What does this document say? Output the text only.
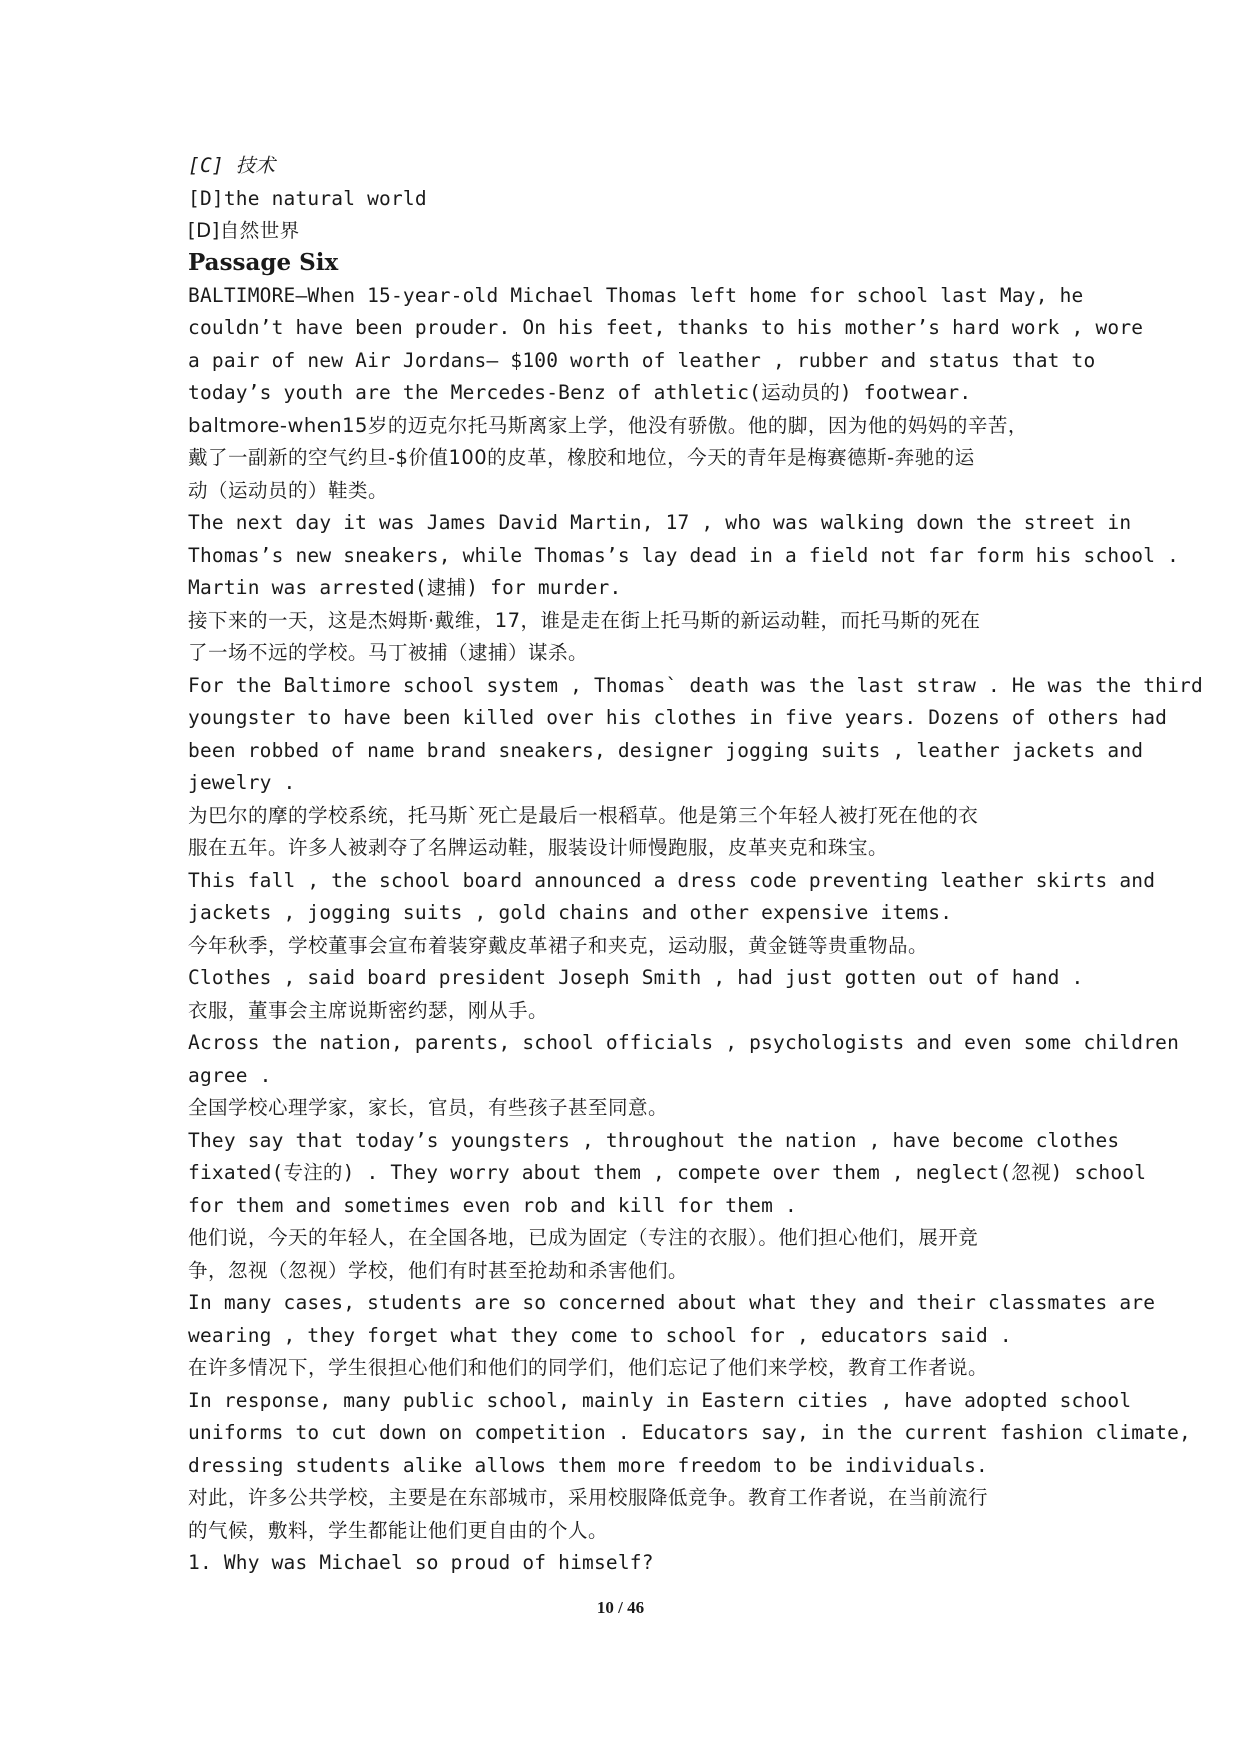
[C] 技术
[D]the natural world
[D]自然世界
Passage Six
BALTIMORE—When 15-year-old Michael Thomas left home for school last May, he
couldn’t have been prouder. On his feet, thanks to his mother’s hard work , wore
a pair of new Air Jordans— $100 worth of leather , rubber and status that to
today’s youth are the Mercedes-Benz of athletic(运动员的) footwear.
baltmore-when15岁的迈克尔托马斯离家上学，他没有骄傲。他的脚，因为他的妈妈的辛苦，
戴了一副新的空气约旦-$价值100的皮革，橡胶和地位，今天的青年是梅赛德斯-奔驰的运
动（运动员的）鞋类。
The next day it was James David Martin, 17 , who was walking down the street in
Thomas’s new sneakers, while Thomas’s lay dead in a field not far form his school .
Martin was arrested(逮捕) for murder.
接下来的一天，这是杰姆斯·戴维，17，谁是走在街上托马斯的新运动鞋，而托马斯的死在
了一场不远的学校。马丁被捕（逮捕）谋杀。
For the Baltimore school system , Thomas` death was the last straw . He was the third
youngster to have been killed over his clothes in five years. Dozens of others had
been robbed of name brand sneakers, designer jogging suits , leather jackets and
jewelry .
为巴尔的摩的学校系统，托马斯`死亡是最后一根稻草。他是第三个年轻人被打死在他的衣
服在五年。许多人被剥夺了名牌运动鞋，服装设计师慢跑服，皮革夹克和珠宝。
This fall , the school board announced a dress code preventing leather skirts and
jackets , jogging suits , gold chains and other expensive items.
今年秋季，学校董事会宣布着装穿戴皮革裙子和夹克，运动服，黄金链等贵重物品。
Clothes , said board president Joseph Smith , had just gotten out of hand .
衣服，董事会主席说斯密约瑟，刚从手。
Across the nation, parents, school officials , psychologists and even some children
agree .
全国学校心理学家，家长，官员，有些孩子甚至同意。
They say that today’s youngsters , throughout the nation , have become clothes
fixated(专注的) . They worry about them , compete over them , neglect(忽视) school
for them and sometimes even rob and kill for them .
他们说，今天的年轻人，在全国各地，已成为固定（专注的衣服）。他们担心他们，展开竞
争，忽视（忽视）学校，他们有时甚至抢劫和杀害他们。
In many cases, students are so concerned about what they and their classmates are
wearing , they forget what they come to school for , educators said .
在许多情况下，学生很担心他们和他们的同学们，他们忘记了他们来学校，教育工作者说。
In response, many public school, mainly in Eastern cities , have adopted school
uniforms to cut down on competition . Educators say, in the current fashion climate,
dressing students alike allows them more freedom to be individuals.
对此，许多公共学校，主要是在东部城市，采用校服降低竞争。教育工作者说，在当前流行
的气候，敷料，学生都能让他们更自由的个人。
1. Why was Michael so proud of himself?
10 / 46
